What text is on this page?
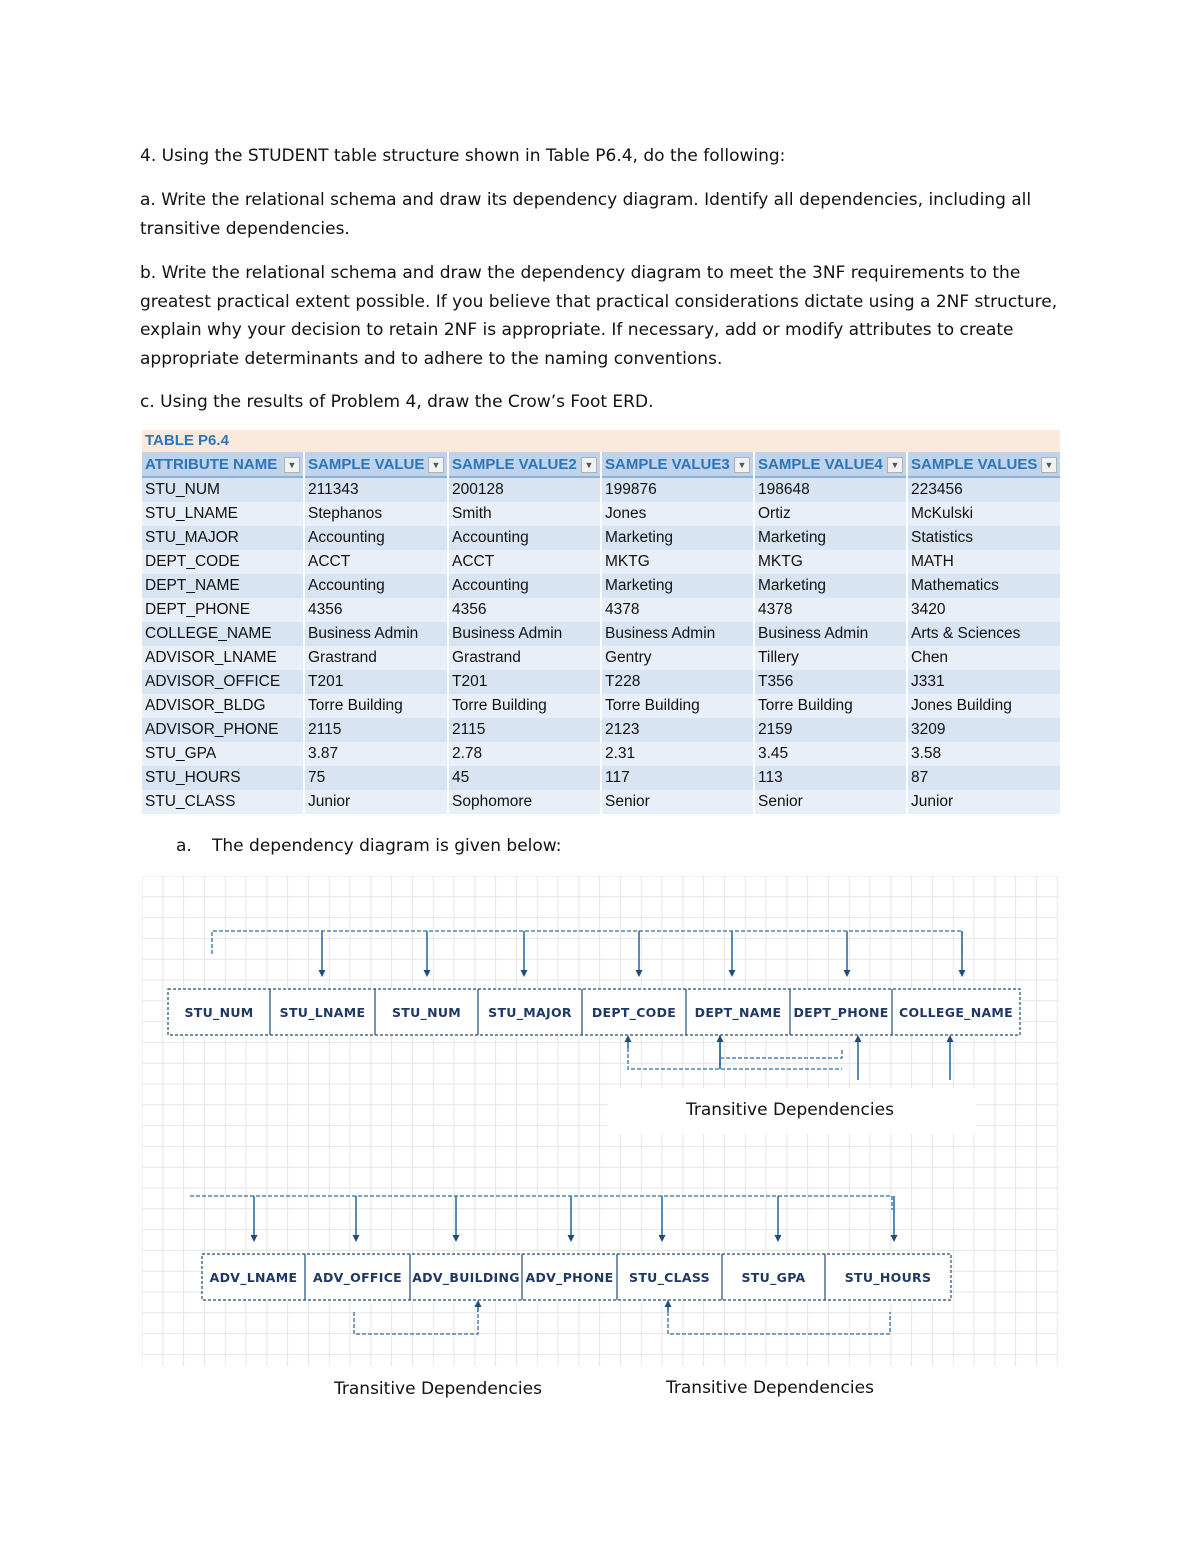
4. Using the STUDENT table structure shown in Table P6.4, do the following:

a. Write the relational schema and draw its dependency diagram. Identify all dependencies, including all transitive dependencies.

b. Write the relational schema and draw the dependency diagram to meet the 3NF requirements to the greatest practical extent possible. If you believe that practical considerations dictate using a 2NF structure, explain why your decision to retain 2NF is appropriate. If necessary, add or modify attributes to create appropriate determinants and to adhere to the naming conventions.

c. Using the results of Problem 4, draw the Crow’s Foot ERD.

TABLE P6.4
ATTRIBUTE NAME ▼	SAMPLE VALUE ▼	SAMPLE VALUE2 ▼	SAMPLE VALUE3 ▼	SAMPLE VALUE4 ▼	SAMPLE VALUES ▼

STU_NUM	211343	200128	199876	198648	223456
STU_LNAME	Stephanos	Smith	Jones	Ortiz	McKulski
STU_MAJOR	Accounting	Accounting	Marketing	Marketing	Statistics
DEPT_CODE	ACCT	ACCT	MKTG	MKTG	MATH
DEPT_NAME	Accounting	Accounting	Marketing	Marketing	Mathematics
DEPT_PHONE	4356	4356	4378	4378	3420
COLLEGE_NAME	Business Admin	Business Admin	Business Admin	Business Admin	Arts & Sciences
ADVISOR_LNAME	Grastrand	Grastrand	Gentry	Tillery	Chen
ADVISOR_OFFICE	T201	T201	T228	T356	J331
ADVISOR_BLDG	Torre Building	Torre Building	Torre Building	Torre Building	Jones Building
ADVISOR_PHONE	2115	2115	2123	2159	3209
STU_GPA	3.87	2.78	2.31	3.45	3.58
STU_HOURS	75	45	117	113	87
STU_CLASS	Junior	Sophomore	Senior	Senior	Junior

a. The dependency diagram is given below:

STU_NUM STU_LNAME STU_NUM STU_MAJOR DEPT_CODE DEPT_NAME DEPT_PHONE COLLEGE_NAME
ADV_LNAME ADV_OFFICE ADV_BUILDING ADV_PHONE STU_CLASS	STU_GPA	STU_HOURS
Transitive Dependencies
Transitive Dependencies	Transitive Dependencies
